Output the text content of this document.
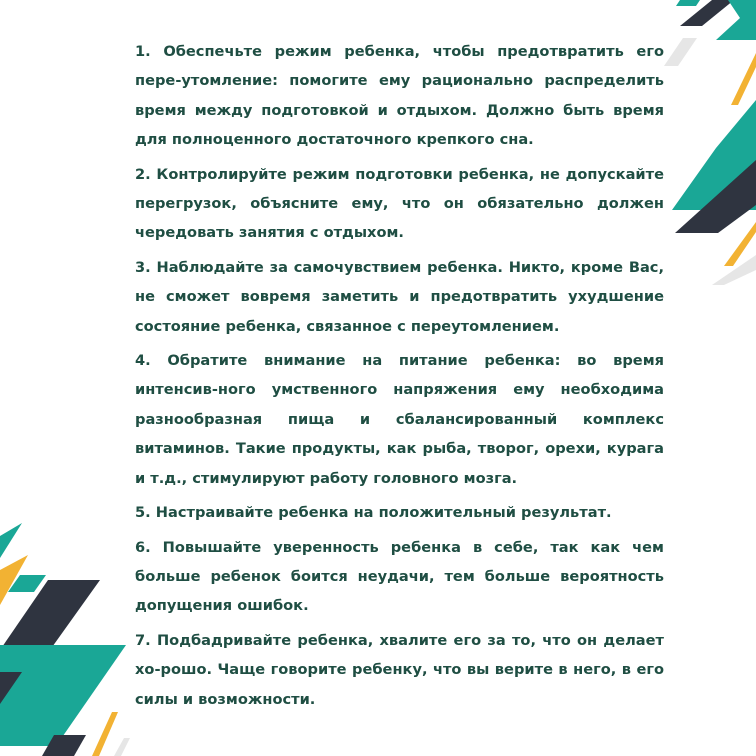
1. Обеспечьте режим ребенка, чтобы предотвратить его пере-утомление: помогите ему рационально распределить время между подготовкой и отдыхом. Должно быть время для полноценного достаточного крепкого сна.

2. Контролируйте режим подготовки ребенка, не допускайте перегрузок, объясните ему, что он обязательно должен чередовать занятия с отдыхом.

3. Наблюдайте за самочувствием ребенка. Никто, кроме Вас, не сможет вовремя заметить и предотвратить ухудшение состояние ребенка, связанное с переутомлением.

4. Обратите внимание на питание ребенка: во время интенсив-ного умственного напряжения ему необходима разнообразная пища и сбалансированный комплекс витаминов. Такие продукты, как рыба, творог, орехи, курага и т.д., стимулируют работу головного мозга.

5. Настраивайте ребенка на положительный результат.

6. Повышайте уверенность ребенка в себе, так как чем больше ребенок боится неудачи, тем больше вероятность допущения ошибок.

7. Подбадривайте ребенка, хвалите его за то, что он делает хо-рошо. Чаще говорите ребенку, что вы верите в него, в его силы и возможности.
